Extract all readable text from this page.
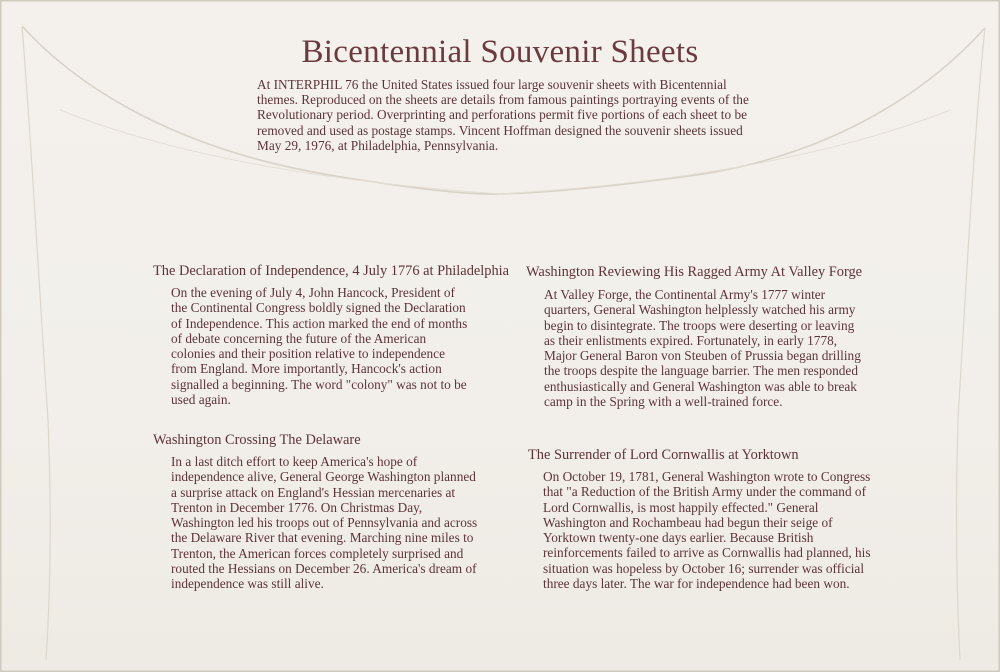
Bicentennial Souvenir Sheets
At INTERPHIL 76 the United States issued four large souvenir sheets with Bicentennial themes. Reproduced on the sheets are details from famous paintings portraying events of the Revolutionary period. Overprinting and perforations permit five portions of each sheet to be removed and used as postage stamps. Vincent Hoffman designed the souvenir sheets issued May 29, 1976, at Philadelphia, Pennsylvania.
The Declaration of Independence, 4 July 1776 at Philadelphia
On the evening of July 4, John Hancock, President of the Continental Congress boldly signed the Declaration of Independence. This action marked the end of months of debate concerning the future of the American colonies and their position relative to independence from England. More importantly, Hancock's action signalled a beginning. The word "colony" was not to be used again.
Washington Reviewing His Ragged Army At Valley Forge
At Valley Forge, the Continental Army's 1777 winter quarters, General Washington helplessly watched his army begin to disintegrate. The troops were deserting or leaving as their enlistments expired. Fortunately, in early 1778, Major General Baron von Steuben of Prussia began drilling the troops despite the language barrier. The men responded enthusiastically and General Washington was able to break camp in the Spring with a well-trained force.
Washington Crossing The Delaware
In a last ditch effort to keep America's hope of independence alive, General George Washington planned a surprise attack on England's Hessian mercenaries at Trenton in December 1776. On Christmas Day, Washington led his troops out of Pennsylvania and across the Delaware River that evening. Marching nine miles to Trenton, the American forces completely surprised and routed the Hessians on December 26. America's dream of independence was still alive.
The Surrender of Lord Cornwallis at Yorktown
On October 19, 1781, General Washington wrote to Congress that "a Reduction of the British Army under the command of Lord Cornwallis, is most happily effected." General Washington and Rochambeau had begun their seige of Yorktown twenty-one days earlier. Because British reinforcements failed to arrive as Cornwallis had planned, his situation was hopeless by October 16; surrender was official three days later. The war for independence had been won.
